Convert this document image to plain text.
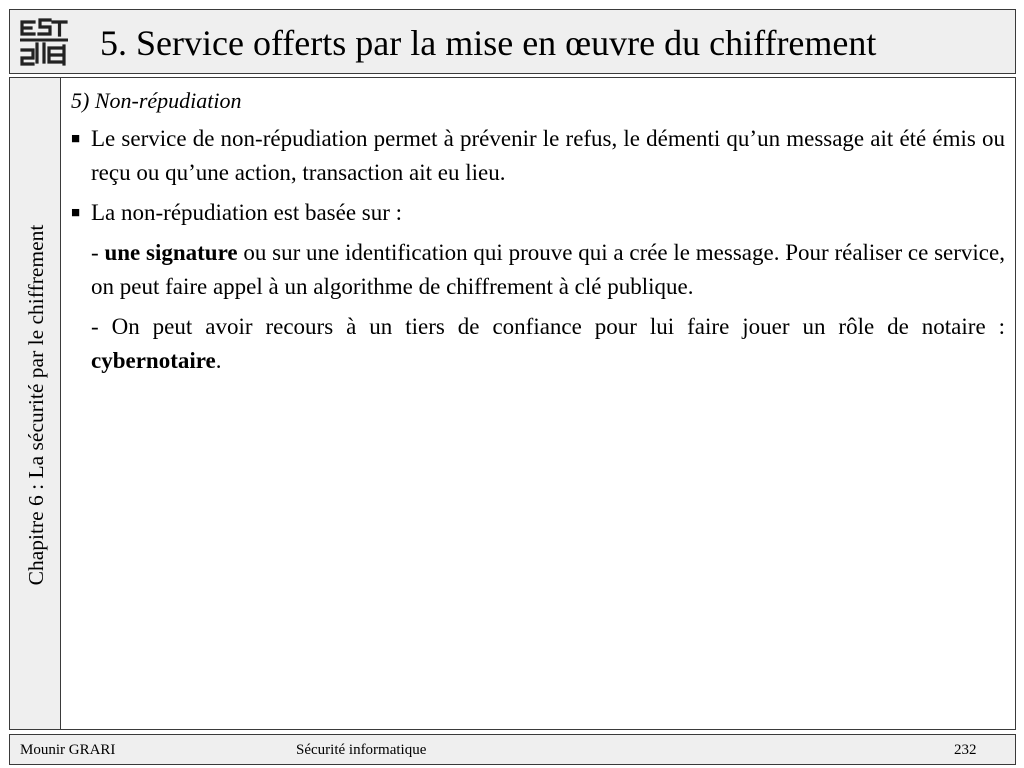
5. Service offerts par la mise en œuvre du chiffrement
Chapitre 6 : La sécurité par le chiffrement

5) Non-répudiation

■ Le service de non-répudiation permet à prévenir le refus, le démenti qu’un message ait été émis ou reçu ou qu’une action, transaction ait eu lieu.
■ La non-répudiation est basée sur :

- une signature ou sur une identification qui prouve qui a crée le message. Pour réaliser ce service, on peut faire appel à un algorithme de chiffrement à clé publique.

- On peut avoir recours à un tiers de confiance pour lui faire jouer un rôle de notaire : cybernotaire.

Mounir GRARI	Sécurité informatique	232
